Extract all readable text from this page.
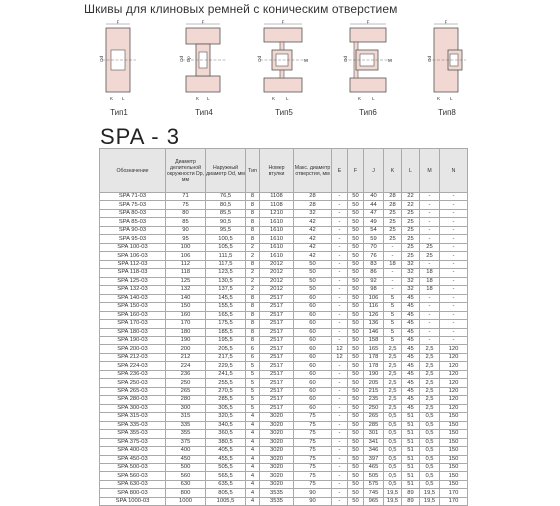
Шкивы для клиновых ремней с коническим отверстием
F
Od
K L
Тип1
F
Od Dp
K L
Тип4
F
Od	M
K L
Тип5
F
Od	M
K L
Тип6
F
Od
K L
Тип8
SPA - 3
Обозначение	Диаметр делительной окружности Dp, мм	Наружный диаметр Od, мм	Тип	Номер втулки	Макс. диаметр отверстия, мм	E	F	J	K	L	M	N
SPA 71-03	71	76,5	8	1108	28	-	50	40	28	22	-	-
SPA 75-03	75	80,5	8	1108	28	-	50	44	28	22	-	-
SPA 80-03	80	85,5	8	1210	32	-	50	47	25	25	-	-
SPA 85-03	85	90,5	8	1610	42	-	50	49	25	25	-	-
SPA 90-03	90	95,5	8	1610	42	-	50	54	25	25	-	-
SPA 95-03	95	100,5	8	1610	42	-	50	59	25	25	-	-
SPA 100-03	100	105,5	2	1610	42	-	50	70	-	25	25	-
SPA 106-03	106	111,5	2	1610	42	-	50	76	-	25	25	-
SPA 112-03	112	117,5	8	2012	50	-	50	83	18	32	-	-
SPA 118-03	118	123,5	2	2012	50	-	50	86	-	32	18	-
SPA 125-03	125	130,5	2	2012	50	-	50	92	-	32	18	-
SPA 132-03	132	137,5	2	2012	50	-	50	98	-	32	18	-
SPA 140-03	140	145,5	8	2517	60	-	50	106	5	45	-	-
SPA 150-03	150	155,5	8	2517	60	-	50	116	5	45	-	-
SPA 160-03	160	165,5	8	2517	60	-	50	126	5	45	-	-
SPA 170-03	170	175,5	8	2517	60	-	50	136	5	45	-	-
SPA 180-03	180	185,5	8	2517	60	-	50	146	5	45	-	-
SPA 190-03	190	195,5	8	2517	60	-	50	158	5	45	-	-
SPA 200-03	200	205,5	6	2517	60	12	50	165	2,5	45	2,5	120
SPA 212-03	212	217,5	6	2517	60	12	50	178	2,5	45	2,5	120
SPA 224-03	224	229,5	5	2517	60	-	50	178	2,5	45	2,5	120
SPA 236-03	236	241,5	5	2517	60	-	50	190	2,5	45	2,5	120
SPA 250-03	250	255,5	5	2517	60	-	50	205	2,5	45	2,5	120
SPA 265-03	265	270,5	5	2517	60	-	50	215	2,5	45	2,5	120
SPA 280-03	280	285,5	5	2517	60	-	50	235	2,5	45	2,5	120
SPA 300-03	300	305,5	5	2517	60	-	50	250	2,5	45	2,5	120
SPA 315-03	315	320,5	4	3020	75	-	50	265	0,5	51	0,5	150
SPA 335-03	335	340,5	4	3020	75	-	50	285	0,5	51	0,5	150
SPA 355-03	355	360,5	4	3020	75	-	50	301	0,5	51	0,5	150
SPA 375-03	375	380,5	4	3020	75	-	50	341	0,5	51	0,5	150
SPA 400-03	400	405,5	4	3020	75	-	50	346	0,5	51	0,5	150
SPA 450-03	450	455,5	4	3020	75	-	50	397	0,5	51	0,5	150
SPA 500-03	500	505,5	4	3020	75	-	50	465	0,5	51	0,5	150
SPA 560-03	560	565,5	4	3020	75	-	50	505	0,5	51	0,5	150
SPA 630-03	630	635,5	4	3020	75	-	50	575	0,5	51	0,5	150
SPA 800-03	800	805,5	4	3535	90	-	50	745	19,5	89	19,5	170
SPA 1000-03	1000	1005,5	4	3535	90	-	50	965	19,5	89	19,5	170
